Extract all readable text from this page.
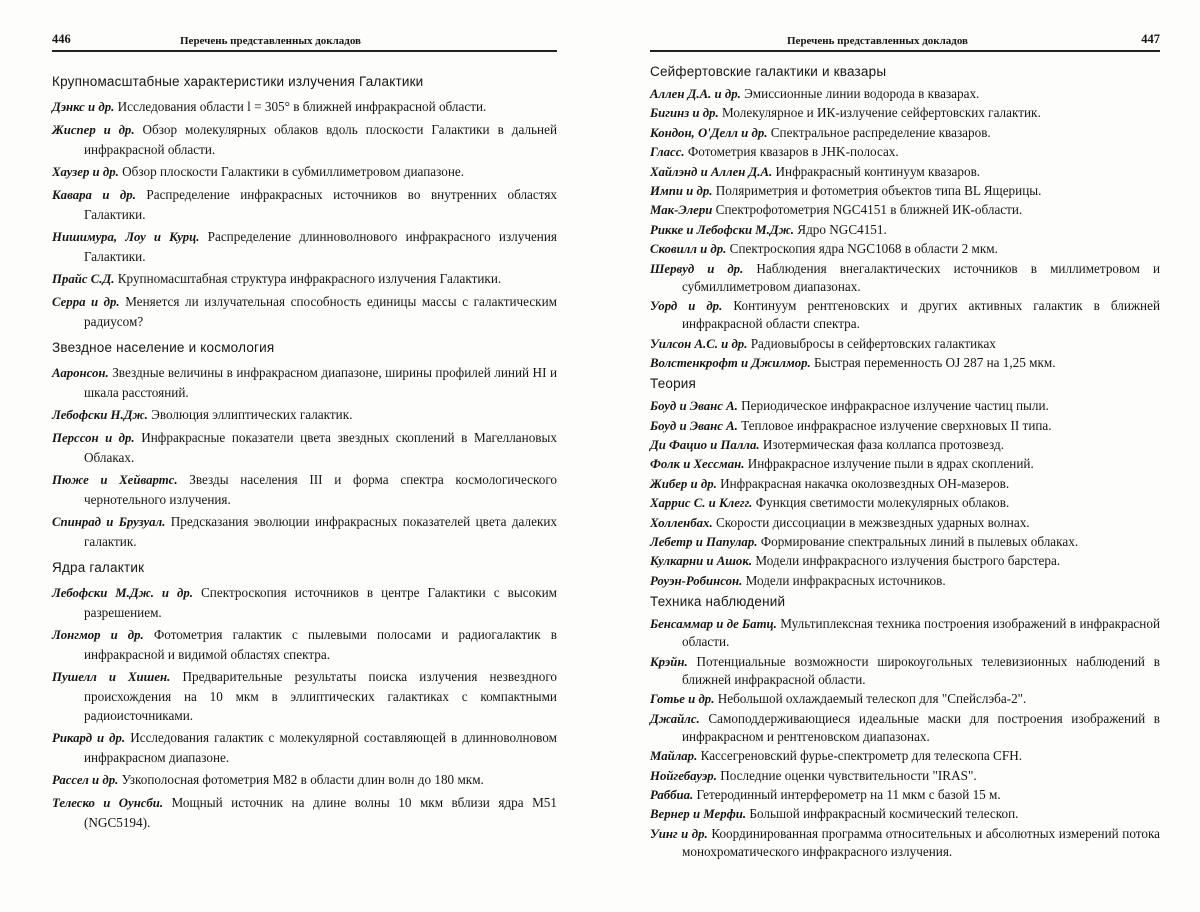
446	Перечень представленных докладов
Крупномасштабные характеристики излучения Галактики
Дэнкс и др. Исследования области l = 305° в ближней инфракрасной области.
Жиспер и др. Обзор молекулярных облаков вдоль плоскости Галактики в дальней инфракрасной области.
Хаузер и др. Обзор плоскости Галактики в субмиллиметровом диапазоне.
Кавара и др. Распределение инфракрасных источников во внутренних областях Галактики.
Нишимура, Лоу и Курц. Распределение длинноволнового инфракрасного излучения Галактики.
Прайс С.Д. Крупномасштабная структура инфракрасного излучения Галактики.
Серра и др. Меняется ли излучательная способность единицы массы с галактическим радиусом?
Звездное население и космология
Ааронсон. Звездные величины в инфракрасном диапазоне, ширины профилей линий HI и шкала расстояний.
Лебофски Н.Дж. Эволюция эллиптических галактик.
Перссон и др. Инфракрасные показатели цвета звездных скоплений в Магеллановых Облаках.
Пюже и Хейвартс. Звезды населения III и форма спектра космологического чернотельного излучения.
Спинрад и Брузуал. Предсказания эволюции инфракрасных показателей цвета далеких галактик.
Ядра галактик
Лебофски М.Дж. и др. Спектроскопия источников в центре Галактики с высоким разрешением.
Лонгмор и др. Фотометрия галактик с пылевыми полосами и радиогалактик в инфракрасной и видимой областях спектра.
Пушелл и Хишен. Предварительные результаты поиска излучения незвездного происхождения на 10 мкм в эллиптических галактиках с компактными радиоисточниками.
Рикард и др. Исследования галактик с молекулярной составляющей в длинноволновом инфракрасном диапазоне.
Рассел и др. Узкополосная фотометрия М82 в области длин волн до 180 мкм.
Телеско и Оунсби. Мощный источник на длине волны 10 мкм вблизи ядра М51 (NGC5194).
Перечень представленных докладов	447
Сейфертовские галактики и квазары
Аллен Д.А. и др. Эмиссионные линии водорода в квазарах.
Бигинз и др. Молекулярное и ИК-излучение сейфертовских галактик.
Кондон, О'Делл и др. Спектральное распределение квазаров.
Гласс. Фотометрия квазаров в JHK-полосах.
Хайлэнд и Аллен Д.А. Инфракрасный континуум квазаров.
Импи и др. Поляриметрия и фотометрия объектов типа BL Ящерицы.
Мак-Элери Спектрофотометрия NGC4151 в ближней ИК-области.
Рикке и Лебофски М.Дж. Ядро NGC4151.
Сковилл и др. Спектроскопия ядра NGC1068 в области 2 мкм.
Шервуд и др. Наблюдения внегалактических источников в миллиметровом и субмиллиметровом диапазонах.
Уорд и др. Континуум рентгеновских и других активных галактик в ближней инфракрасной области спектра.
Уилсон А.С. и др. Радиовыбросы в сейфертовских галактиках
Волстенкрофт и Джилмор. Быстрая переменность OJ 287 на 1,25 мкм.
Теория
Боуд и Эванс А. Периодическое инфракрасное излучение частиц пыли.
Боуд и Эванс А. Тепловое инфракрасное излучение сверхновых II типа.
Ди Фацио и Палла. Изотермическая фаза коллапса протозвезд.
Фолк и Хессман. Инфракрасное излучение пыли в ядрах скоплений.
Жибер и др. Инфракрасная накачка околозвездных OH-мазеров.
Харрис С. и Клегг. Функция светимости молекулярных облаков.
Холленбах. Скорости диссоциации в межзвездных ударных волнах.
Лебетр и Папулар. Формирование спектральных линий в пылевых облаках.
Кулкарни и Ашок. Модели инфракрасного излучения быстрого барстера.
Роуэн-Робинсон. Модели инфракрасных источников.
Техника наблюдений
Бенсаммар и де Батц. Мультиплексная техника построения изображений в инфракрасной области.
Крэйн. Потенциальные возможности широкоугольных телевизионных наблюдений в ближней инфракрасной области.
Готье и др. Небольшой охлаждаемый телескоп для "Спейслэба-2".
Джайлс. Самоподдерживающиеся идеальные маски для построения изображений в инфракрасном и рентгеновском диапазонах.
Майлар. Кассегреновский фурье-спектрометр для телескопа CFH.
Нойгебауэр. Последние оценки чувствительности "IRAS".
Раббиа. Гетеродинный интерферометр на 11 мкм с базой 15 м.
Вернер и Мерфи. Большой инфракрасный космический телескоп.
Уинг и др. Координированная программа относительных и абсолютных измерений потока монохроматического инфракрасного излучения.
